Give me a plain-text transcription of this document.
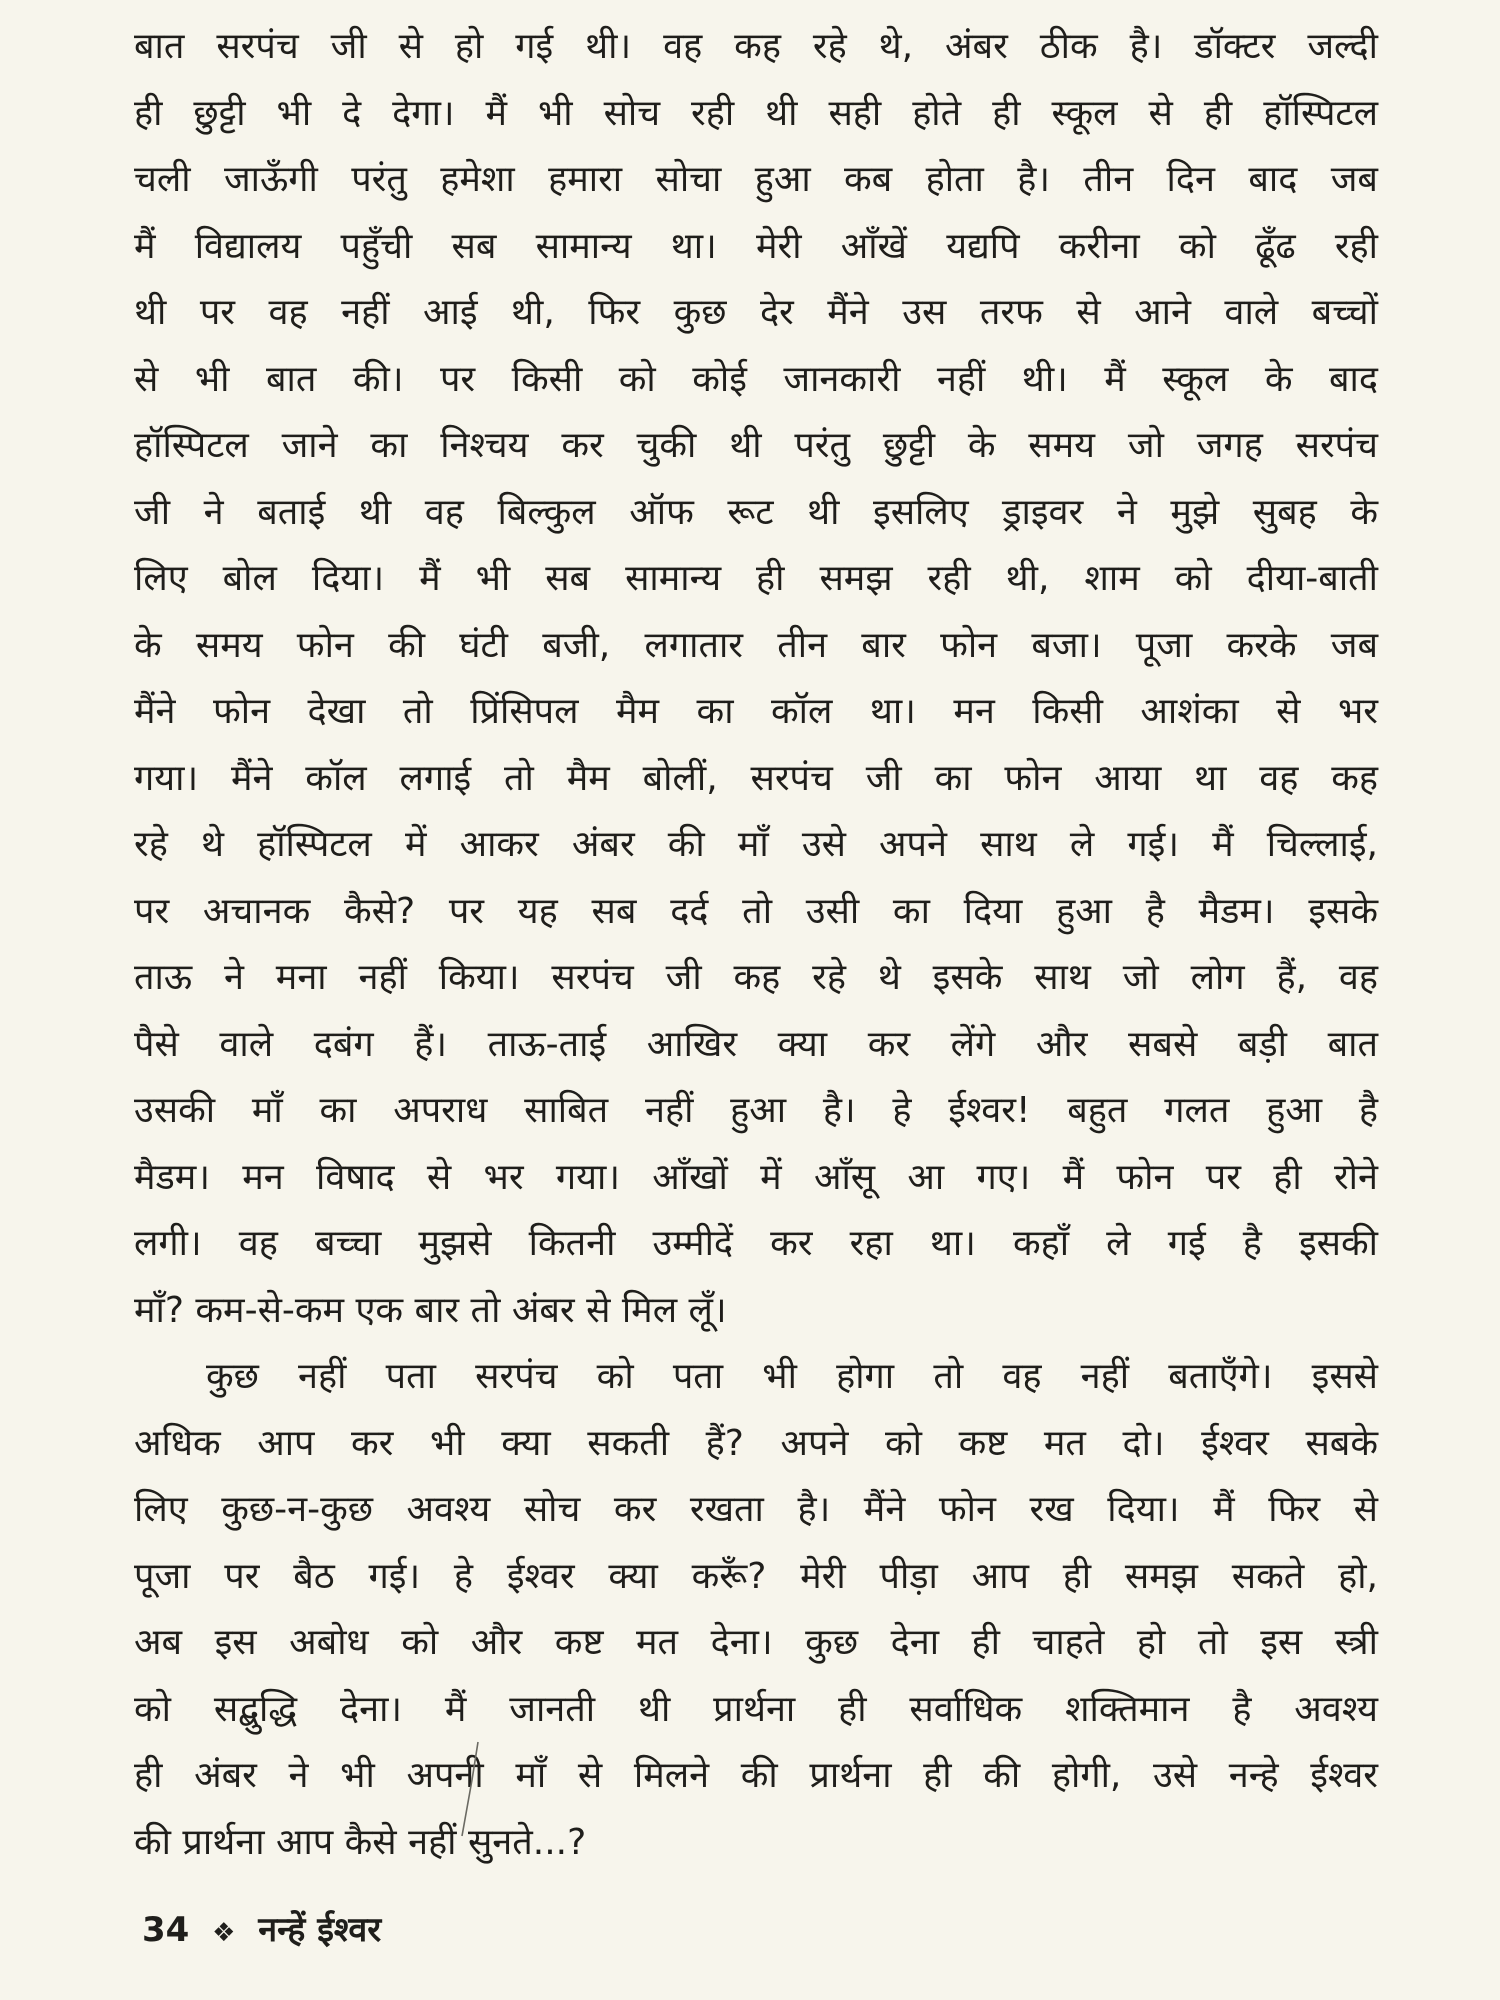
बात सरपंच जी से हो गई थी। वह कह रहे थे, अंबर ठीक है। डॉक्टर जल्दी
ही छुट्टी भी दे देगा। मैं भी सोच रही थी सही होते ही स्कूल से ही हॉस्पिटल
चली जाऊँगी परंतु हमेशा हमारा सोचा हुआ कब होता है। तीन दिन बाद जब
मैं विद्यालय पहुँची सब सामान्य था। मेरी आँखें यद्यपि करीना को ढूँढ रही
थी पर वह नहीं आई थी, फिर कुछ देर मैंने उस तरफ से आने वाले बच्चों
से भी बात की। पर किसी को कोई जानकारी नहीं थी। मैं स्कूल के बाद
हॉस्पिटल जाने का निश्चय कर चुकी थी परंतु छुट्टी के समय जो जगह सरपंच
जी ने बताई थी वह बिल्कुल ऑफ रूट थी इसलिए ड्राइवर ने मुझे सुबह के
लिए बोल दिया। मैं भी सब सामान्य ही समझ रही थी, शाम को दीया-बाती
के समय फोन की घंटी बजी, लगातार तीन बार फोन बजा। पूजा करके जब
मैंने फोन देखा तो प्रिंसिपल मैम का कॉल था। मन किसी आशंका से भर
गया। मैंने कॉल लगाई तो मैम बोलीं, सरपंच जी का फोन आया था वह कह
रहे थे हॉस्पिटल में आकर अंबर की माँ उसे अपने साथ ले गई। मैं चिल्लाई,
पर अचानक कैसे? पर यह सब दर्द तो उसी का दिया हुआ है मैडम। इसके
ताऊ ने मना नहीं किया। सरपंच जी कह रहे थे इसके साथ जो लोग हैं, वह
पैसे वाले दबंग हैं। ताऊ-ताई आखिर क्या कर लेंगे और सबसे बड़ी बात
उसकी माँ का अपराध साबित नहीं हुआ है। हे ईश्वर! बहुत गलत हुआ है
मैडम। मन विषाद से भर गया। आँखों में आँसू आ गए। मैं फोन पर ही रोने
लगी। वह बच्चा मुझसे कितनी उम्मीदें कर रहा था। कहाँ ले गई है इसकी
माँ? कम-से-कम एक बार तो अंबर से मिल लूँ।
कुछ नहीं पता सरपंच को पता भी होगा तो वह नहीं बताएँगे। इससे
अधिक आप कर भी क्या सकती हैं? अपने को कष्ट मत दो। ईश्वर सबके
लिए कुछ-न-कुछ अवश्य सोच कर रखता है। मैंने फोन रख दिया। मैं फिर से
पूजा पर बैठ गई। हे ईश्वर क्या करूँ? मेरी पीड़ा आप ही समझ सकते हो,
अब इस अबोध को और कष्ट मत देना। कुछ देना ही चाहते हो तो इस स्त्री
को सद्बुद्धि देना। मैं जानती थी प्रार्थना ही सर्वाधिक शक्तिमान है अवश्य
ही अंबर ने भी अपनी माँ से मिलने की प्रार्थना ही की होगी, उसे नन्हे ईश्वर
की प्रार्थना आप कैसे नहीं सुनते...?
34 ❖ नन्हें ईश्वर
